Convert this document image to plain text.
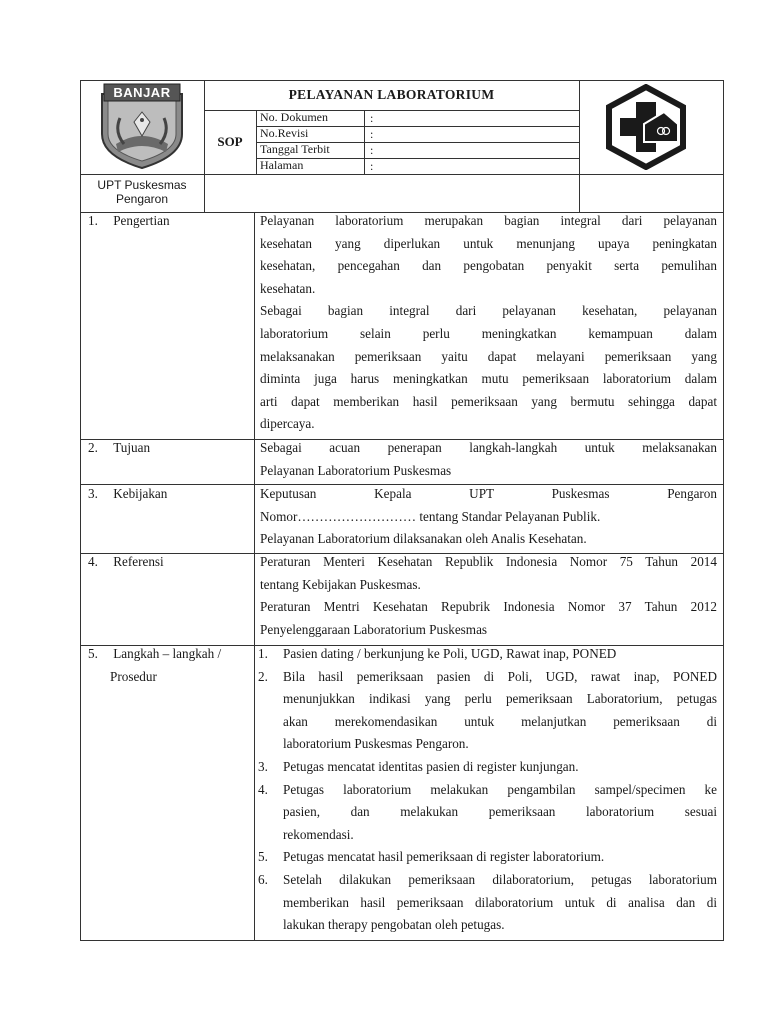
BANJAR	PELAYANAN LABORATORIUM
SOP
No. Dokumen	:
No.Revisi	:
Tanggal Terbit	:
Halaman	:
UPT Puskesmas
Pengaron
1. Pengertian	Pelayanan laboratorium merupakan bagian integral dari pelayanan
kesehatan yang diperlukan untuk menunjang upaya peningkatan
kesehatan, pencegahan dan pengobatan penyakit serta pemulihan
kesehatan.
Sebagai bagian integral dari pelayanan kesehatan, pelayanan
laboratorium selain perlu meningkatkan kemampuan dalam
melaksanakan pemeriksaan yaitu dapat melayani pemeriksaan yang
diminta juga harus meningkatkan mutu pemeriksaan laboratorium dalam
arti dapat memberikan hasil pemeriksaan yang bermutu sehingga dapat
dipercaya.
2. Tujuan	Sebagai acuan penerapan langkah-langkah untuk melaksanakan
Pelayanan Laboratorium Puskesmas
3. Kebijakan	Keputusan Kepala UPT Puskesmas Pengaron
Nomor……………………… tentang Standar Pelayanan Publik.
Pelayanan Laboratorium dilaksanakan oleh Analis Kesehatan.
4. Referensi	Peraturan Menteri Kesehatan Republik Indonesia Nomor 75 Tahun 2014
tentang Kebijakan Puskesmas.
Peraturan Mentri Kesehatan Repubrik Indonesia Nomor 37 Tahun 2012
Penyelenggaraan Laboratorium Puskesmas
5. Langkah – langkah /
Prosedur
1. Pasien dating / berkunjung ke Poli, UGD, Rawat inap, PONED
2. Bila hasil pemeriksaan pasien di Poli, UGD, rawat inap, PONED
menunjukkan indikasi yang perlu pemeriksaan Laboratorium, petugas
akan merekomendasikan untuk melanjutkan pemeriksaan di
laboratorium Puskesmas Pengaron.
3. Petugas mencatat identitas pasien di register kunjungan.
4. Petugas laboratorium melakukan pengambilan sampel/specimen ke
pasien, dan melakukan pemeriksaan laboratorium sesuai
rekomendasi.
5. Petugas mencatat hasil pemeriksaan di register laboratorium.
6. Setelah dilakukan pemeriksaan dilaboratorium, petugas laboratorium
memberikan hasil pemeriksaan dilaboratorium untuk di analisa dan di
lakukan therapy pengobatan oleh petugas.
